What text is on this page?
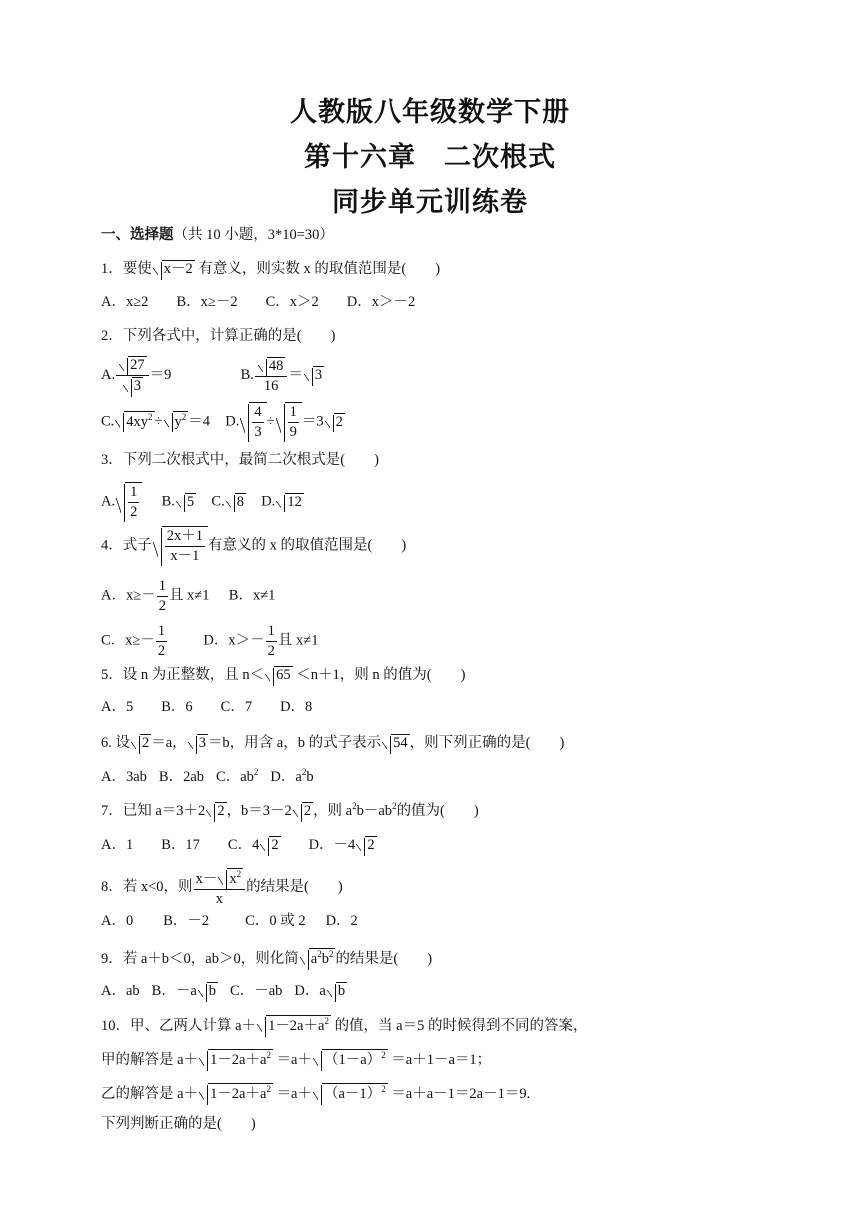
人教版八年级数学下册
第十六章　二次根式
同步单元训练卷
一、选择题（共 10 小题，3*10=30）
1．要使 x－2 有意义，则实数 x 的取值范围是(　　)
A．x≥2 B．x≥－2 C．x＞2 D．x＞－2
2．下列各式中，计算正确的是(　　)
A. $\frac{27}{3} =9$	B. $\frac{48}{16} = 3$
C. $4xy^2 \div y^2 =4$ D. $\frac{4}{3} \div \frac{1}{9} =3$ 2
3．下列二次根式中，最简二次根式是(　　)
A. $\frac{1}{2} B$. 5 C. 8 D. 12
4．式子 $\frac{2x+1}{x-1}$ 有意义的 x 的取值范围是(　　)
A．$x\ge- \frac{1}{2}$ 且 x≠1 B．x≠1
C．$x\ge- \frac{1}{2}$	D．$x>- \frac{1}{2}$ 且 x≠1
5．设 n 为正整数，且 n＜ 65 ＜n＋1，则 n 的值为(　　)
A．5 B．6 C．7 D．8
6. 设 2 ＝a， 3 ＝b，用含 a，b 的式子表示 54 ，则下列正确的是(　　)
A．3ab B．2ab C．$ab^2$ D．$a^2b$
7．已知 a＝3＋2 2 ，b＝3－2 2 ，则 $a^2b-ab^2$的值为(　　)
A．1 B．17 C．4 2 D．－4 2
8．若 x<0，则 $\frac{x- x^2}{x}$ 的结果是(　　)
A．0 B．－2 C．0 或 2 D．2
9．若 a＋b＜0，ab＞0，则化简 $a^2b^2$ 的结果是(　　)
A．ab B．－a b C．－ab D．a b
10．甲、乙两人计算 $a+ 1-2a+a^2$ 的值，当 a＝5 的时候得到不同的答案，
甲的解答是 $a+ 1-2a+a^2 =a+ (1-a)^2 =a+1-a=1$；
乙的解答是 $a+ 1-2a+a^2 =a+ (a-1)^2 =a+a-1=2a-1=9$.
下列判断正确的是(　　)
